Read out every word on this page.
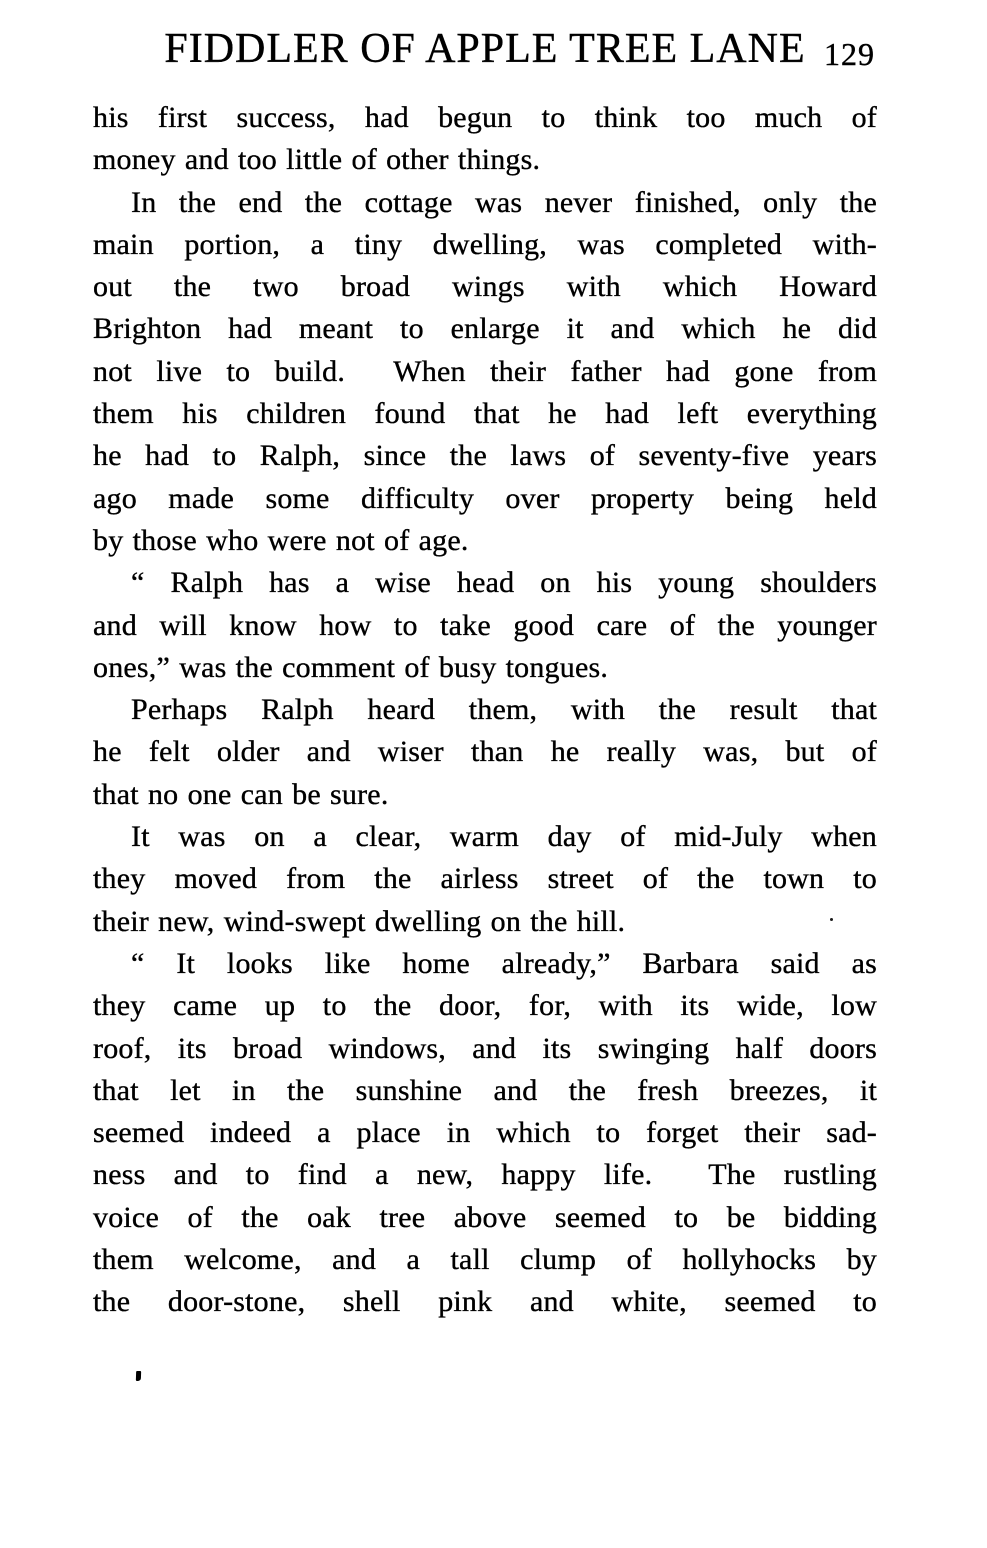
FIDDLER OF APPLE TREE LANE 129
his first success, had begun to think too much of
money and too little of other things.
In the end the cottage was never finished, only the
main portion, a tiny dwelling, was completed with-
out the two broad wings with which Howard
Brighton had meant to enlarge it and which he did
not live to build.  When their father had gone from
them his children found that he had left everything
he had to Ralph, since the laws of seventy-five years
ago made some difficulty over property being held
by those who were not of age.
“ Ralph has a wise head on his young shoulders
and will know how to take good care of the younger
ones,” was the comment of busy tongues.
Perhaps Ralph heard them, with the result that
he felt older and wiser than he really was, but of
that no one can be sure.
It was on a clear, warm day of mid-July when
they moved from the airless street of the town to
their new, wind-swept dwelling on the hill.
“ It looks like home already,” Barbara said as
they came up to the door, for, with its wide, low
roof, its broad windows, and its swinging half doors
that let in the sunshine and the fresh breezes, it
seemed indeed a place in which to forget their sad-
ness and to find a new, happy life.  The rustling
voice of the oak tree above seemed to be bidding
them welcome, and a tall clump of hollyhocks by
the door-stone, shell pink and white, seemed to
